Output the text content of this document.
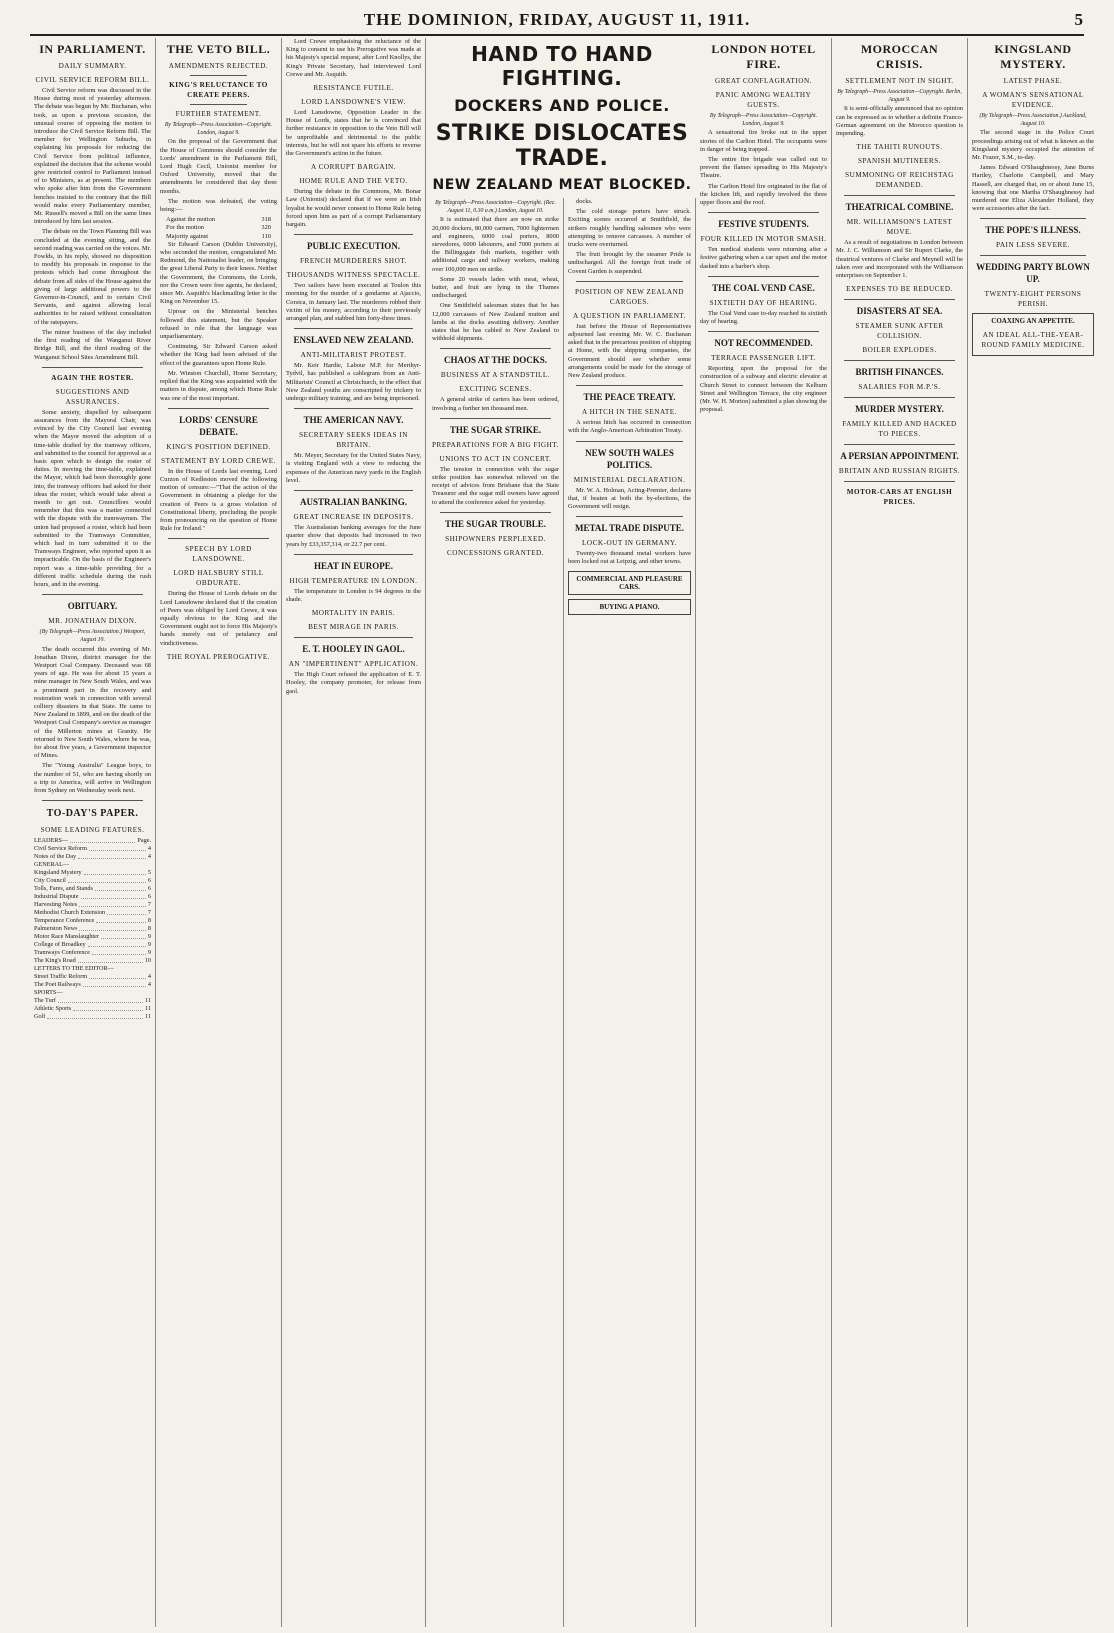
THE DOMINION, FRIDAY, AUGUST 11, 1911.	5
IN PARLIAMENT.
DAILY SUMMARY.
CIVIL SERVICE REFORM BILL.

Civil Service reform was discussed in the House during most of yesterday afternoon. The debate was begun by Mr. Buchanan, who took, as upon a previous occasion, the unusual course of opposing the motion to introduce the Civil Service Reform Bill. The member for Wellington Suburbs, in explaining his proposals for reducing the Civil Service from political influence, explained the decision that the scheme would give restricted control to Parliament instead of to Ministers, as at present. The members who spoke after him from the Government benches insisted to the contrary that the Bill would make every Parliamentary member, Mr. Russell's moved a Bill on the same lines introduced by him last session.

The debate on the Town Planning Bill was concluded at the evening sitting, and the second reading was carried on the voices. Mr. Fowlds, in his reply, showed no disposition to modify his proposals in response to the protests which had come throughout the debate from all sides of the House against the giving of large additional powers to the Governor-in-Council, and to certain Civil Servants, and against allowing local authorities to be raised without consultation of the ratepayers.

The minor business of the day included the first reading of the Wanganui River Bridge Bill, and the third reading of the Wanganui School Sites Amendment Bill.

AGAIN THE ROSTER.
SUGGESTIONS AND ASSURANCES.

Some anxiety, dispelled by subsequent assurances from the Mayoral Chair, was evinced by the City Council last evening when the Mayor moved the adoption of a time-table drafted by the tramway officers, and submitted to the council for approval as a basis upon which to design the roster of duties. In moving the time-table, explained the Mayor, which had been thoroughly gone into, the tramway officers had asked for their ideas the roster, which would take about a month to get out. Councillors would remember that this was a matter connected with the dispute with the tramwaymen. The union had proposed a roster, which had been submitted to the Tramways Committee, which had in turn submitted it to the Tramways Engineer, who reported upon it as impracticable. On the basis of the Engineer's report was a time-table providing for a different traffic schedule during the rush hours, and in the evening.

OBITUARY.
MR. JONATHAN DIXON.
(By Telegraph—Press Association.) Westport, August 10.

The death occurred this evening of Mr. Jonathan Dixon, district manager for the Westport Coal Company. Deceased was 68 years of age. He was for about 15 years a mine manager in New South Wales, and was a prominent part in the recovery and restoration work in connection with several colliery disasters in that State. He came to New Zealand in 1899, and on the death of the Westport Coal Company's service as manager of the Millerton mines at Granity. He returned to New South Wales, where he was, for about five years, a Government inspector of Mines.

The "Young Australia" League boys, to the number of 51, who are having shortly on a trip to America, will arrive in Wellington from Sydney on Wednesday week next.

TO-DAY'S PAPER.
SOME LEADING FEATURES.
LEADERS—	Page.
Civil Service Reform	4
Notes of the Day	4
GENERAL—
Kingsland Mystery	5
City Council	6
Tolls, Fares, and Stands	6
Industrial Dispute	6
Harvesting Notes	7
Methodist Church Extension	7
Temperance Conference	8
Palmerston News	8
Motor Race Manslaughter	9
College of Broadkey	9
Tramways Conference	9
The King's Road	10
LETTERS TO THE EDITOR—
Street Traffic Reform	4
The Poet Railways	4
SPORTS—
The Turf	11
Athletic Sports	11
Golf	11
THE VETO BILL.
AMENDMENTS REJECTED.
KING'S RELUCTANCE TO CREATE PEERS.
FURTHER STATEMENT.
By Telegraph—Press Association—Copyright. London, August 9.

On the proposal of the Government that the House of Commons should consider the Lords' amendment in the Parliament Bill, Lord Hugh Cecil, Unionist member for Oxford University, moved that the amendments be considered that day three months.

The motion was defeated, the voting being:—

Against the motion	318
For the motion	320
Majority against	110

Sir Edward Carson (Dublin University), who seconded the motion, congratulated Mr. Redmond, the Nationalist leader, on bringing the great Liberal Party to their knees. Neither the Government, the Commons, the Lords, nor the Crown were free agents, he declared, since Mr. Asquith's blackmailing letter to the King on November 15.

Uproar on the Ministerial benches followed this statement, but the Speaker refused to rule that the language was unparliamentary.

Continuing, Sir Edward Carson asked whether the King had been advised of the effect of the guarantees upon Home Rule.

Mr. Winston Churchill, Home Secretary, replied that the King was acquainted with the matters in dispute, among which Home Rule was one of the most important.

LORDS' CENSURE DEBATE.
KING'S POSITION DEFINED.
STATEMENT BY LORD CREWE.

In the House of Lords last evening, Lord Curzon of Kedleston moved the following motion of censure:—"That the action of the Government in obtaining a pledge for the creation of Peers is a gross violation of Constitutional liberty, precluding the people from pronouncing on the question of Home Rule for Ireland."

SPEECH BY LORD LANSDOWNE.
LORD HALSBURY STILL OBDURATE.

During the House of Lords debate on the Lord Lansdowne declared that if the creation of Peers was obliged by Lord Crewe, it was equally obvious to the King and the Government ought not to force His Majesty's hands merely out of petulancy and vindictiveness.

THE ROYAL PREROGATIVE.

Lord Crewe emphasising the reluctance of the King to consent to use his Prerogative was made at his Majesty's special request, after Lord Knollys, the King's Private Secretary, had interviewed Lord Crewe and Mr. Asquith.

RESISTANCE FUTILE.
LORD LANSDOWNE'S VIEW.

Lord Lansdowne, Opposition Leader in the House of Lords, states that he is convinced that further resistance in opposition to the Veto Bill will be unprofitable and detrimental to the public interests, but he will not spare his efforts to reverse the Government's action in the future.

A CORRUPT BARGAIN.
HOME RULE AND THE VETO.

During the debate in the Commons, Mr. Bonar Law (Unionist) declared that if we were an Irish loyalist he would never consent to Home Rule being forced upon him as part of a corrupt Parliamentary bargain.

PUBLIC EXECUTION.
FRENCH MURDERERS SHOT.
THOUSANDS WITNESS SPECTACLE.

Two sailors have been executed at Toulon this morning for the murder of a gendarme at Ajaccio, Corsica, in January last. The murderers robbed their victim of his money, according to their previously arranged plan, and stabbed him forty-three times.

ENSLAVED NEW ZEALAND.
ANTI-MILITARIST PROTEST.

Mr. Keir Hardie, Labour M.P. for Merthyr-Tydvil, has published a cablegram from an Anti-Militarists' Council at Christchurch, to the effect that New Zealand youths are conscripted by trickery to undergo military training, and are being imprisoned.

THE AMERICAN NAVY.
SECRETARY SEEKS IDEAS IN BRITAIN.

Mr. Meyer, Secretary for the United States Navy, is visiting England with a view to reducing the expenses of the American navy yards in the English level.

AUSTRALIAN BANKING.
GREAT INCREASE IN DEPOSITS.

The Australasian banking averages for the June quarter show that deposits had increased in two years by £33,357,314, or 22.7 per cent.

HEAT IN EUROPE.
HIGH TEMPERATURE IN LONDON.

The temperature in London is 94 degrees in the shade.

MORTALITY IN PARIS.
BEST MIRAGE IN PARIS.
E. T. HOOLEY IN GAOL.
AN "IMPERTINENT" APPLICATION.

The High Court refused the application of E. T. Hooley, the company promoter, for release from gaol.

HAND TO HAND FIGHTING.
DOCKERS AND POLICE.
STRIKE DISLOCATES TRADE.
NEW ZEALAND MEAT BLOCKED.
By Telegraph—Press Association—Copyright. (Rec. August 11, 0.30 a.m.) London, August 10.

It is estimated that there are now on strike 20,000 dockers, 80,000 carmen, 7000 lightermen and engineers, 6000 coal porters, 8000 stevedores, 6000 labourers, and 7000 porters at the Billingsgate fish markets, together with additional cargo and railway workers, making over 100,000 men on strike.

Some 20 vessels laden with meat, wheat, butter, and fruit are lying in the Thames undischarged.

One Smithfield salesman states that he has 12,000 carcasses of New Zealand mutton and lambs at the docks awaiting delivery. Another states that he has cabled to New Zealand to withhold shipments.

CHAOS AT THE DOCKS.
BUSINESS AT A STANDSTILL.
EXCITING SCENES.

A general strike of carters has been ordered, involving a further ten thousand men.

THE SUGAR STRIKE.
PREPARATIONS FOR A BIG FIGHT.
UNIONS TO ACT IN CONCERT.

The tension in connection with the sugar strike position has somewhat relieved on the receipt of advices from Brisbane that the State Treasurer and the sugar mill owners have agreed to attend the conference asked for yesterday.

THE SUGAR TROUBLE.
SHIPOWNERS PERPLEXED.
CONCESSIONS GRANTED.

docks.

The cold storage porters have struck. Exciting scenes occurred at Smithfield, the strikers roughly handling salesmen who were attempting to remove carcasses. A number of trucks were overturned.

The fruit brought by the steamer Pride is undischarged. All the foreign fruit trade of Covent Garden is suspended.

POSITION OF NEW ZEALAND CARGOES.
A QUESTION IN PARLIAMENT.

Just before the House of Representatives adjourned last evening Mr. W. C. Buchanan asked that in the precarious position of shipping at Home, with the shipping companies, the Government should see whether some arrangements could be made for the storage of New Zealand produce.

THE PEACE TREATY.
A HITCH IN THE SENATE.

A serious hitch has occurred in connection with the Anglo-American Arbitration Treaty.

NEW SOUTH WALES POLITICS.
MINISTERIAL DECLARATION.

Mr. W. A. Holman, Acting-Premier, declares that, if beaten at both the by-elections, the Government will resign.

METAL TRADE DISPUTE.
LOCK-OUT IN GERMANY.

Twenty-two thousand metal workers have been locked out at Leipzig, and other towns.

COMMERCIAL AND PLEASURE CARS.
BUYING A PIANO.
LONDON HOTEL FIRE.
GREAT CONFLAGRATION.
PANIC AMONG WEALTHY GUESTS.
By Telegraph—Press Association—Copyright. London, August 9.

A sensational fire broke out in the upper stories of the Carlton Hotel. The occupants were in danger of being trapped.

The entire fire brigade was called out to prevent the flames spreading to His Majesty's Theatre.

The Carlton Hotel fire originated in the flat of the kitchen lift, and rapidly involved the three upper floors and the roof.

FESTIVE STUDENTS.
FOUR KILLED IN MOTOR SMASH.

Ten medical students were returning after a festive gathering when a car upset and the motor dashed into a barber's shop.

THE COAL VEND CASE.
SIXTIETH DAY OF HEARING.

The Coal Vend case to-day reached its sixtieth day of hearing.

NOT RECOMMENDED.
TERRACE PASSENGER LIFT.

Reporting upon the proposal for the construction of a subway and electric elevator at Church Street to connect between the Kelburn Street and Wellington Terrace, the city engineer (Mr. W. H. Morton) submitted a plan showing the proposal.

MOROCCAN CRISIS.
SETTLEMENT NOT IN SIGHT.
By Telegraph—Press Association—Copyright. Berlin, August 9.

It is semi-officially announced that no opinion can be expressed as to whether a definite Franco-German agreement on the Morocco question is impending.

THE TAHITI RUNOUTS.
SPANISH MUTINEERS.
SUMMONING OF REICHSTAG DEMANDED.
THEATRICAL COMBINE.
MR. WILLIAMSON'S LATEST MOVE.

As a result of negotiations in London between Mr. J. C. Williamson and Sir Rupert Clarke, the theatrical ventures of Clarke and Meynell will be taken over and incorporated with the Williamson enterprises on September 1.

EXPENSES TO BE REDUCED.
DISASTERS AT SEA.
STEAMER SUNK AFTER COLLISION.
BOILER EXPLODES.
BRITISH FINANCES.
SALARIES FOR M.P.'S.
MURDER MYSTERY.
FAMILY KILLED AND HACKED TO PIECES.
A PERSIAN APPOINTMENT.
BRITAIN AND RUSSIAN RIGHTS.
MOTOR-CARS AT ENGLISH PRICES.
KINGSLAND MYSTERY.
LATEST PHASE.
A WOMAN'S SENSATIONAL EVIDENCE.
(By Telegraph—Press Association.) Auckland, August 10.

The second stage in the Police Court proceedings arising out of what is known as the Kingsland mystery occupied the attention of Mr. Frazer, S.M., to-day.

James Edward O'Shaughnessy, Jane Burns Hartley, Charlotte Campbell, and Mary Hassell, are charged that, on or about June 15, knowing that one Martha O'Shaughnessy had murdered one Eliza Alexander Holland, they were accessories after the fact.

THE POPE'S ILLNESS.
PAIN LESS SEVERE.
WEDDING PARTY BLOWN UP.
TWENTY-EIGHT PERSONS PERISH.
COAXING AN APPETITE.
AN IDEAL ALL-THE-YEAR-ROUND FAMILY MEDICINE.
